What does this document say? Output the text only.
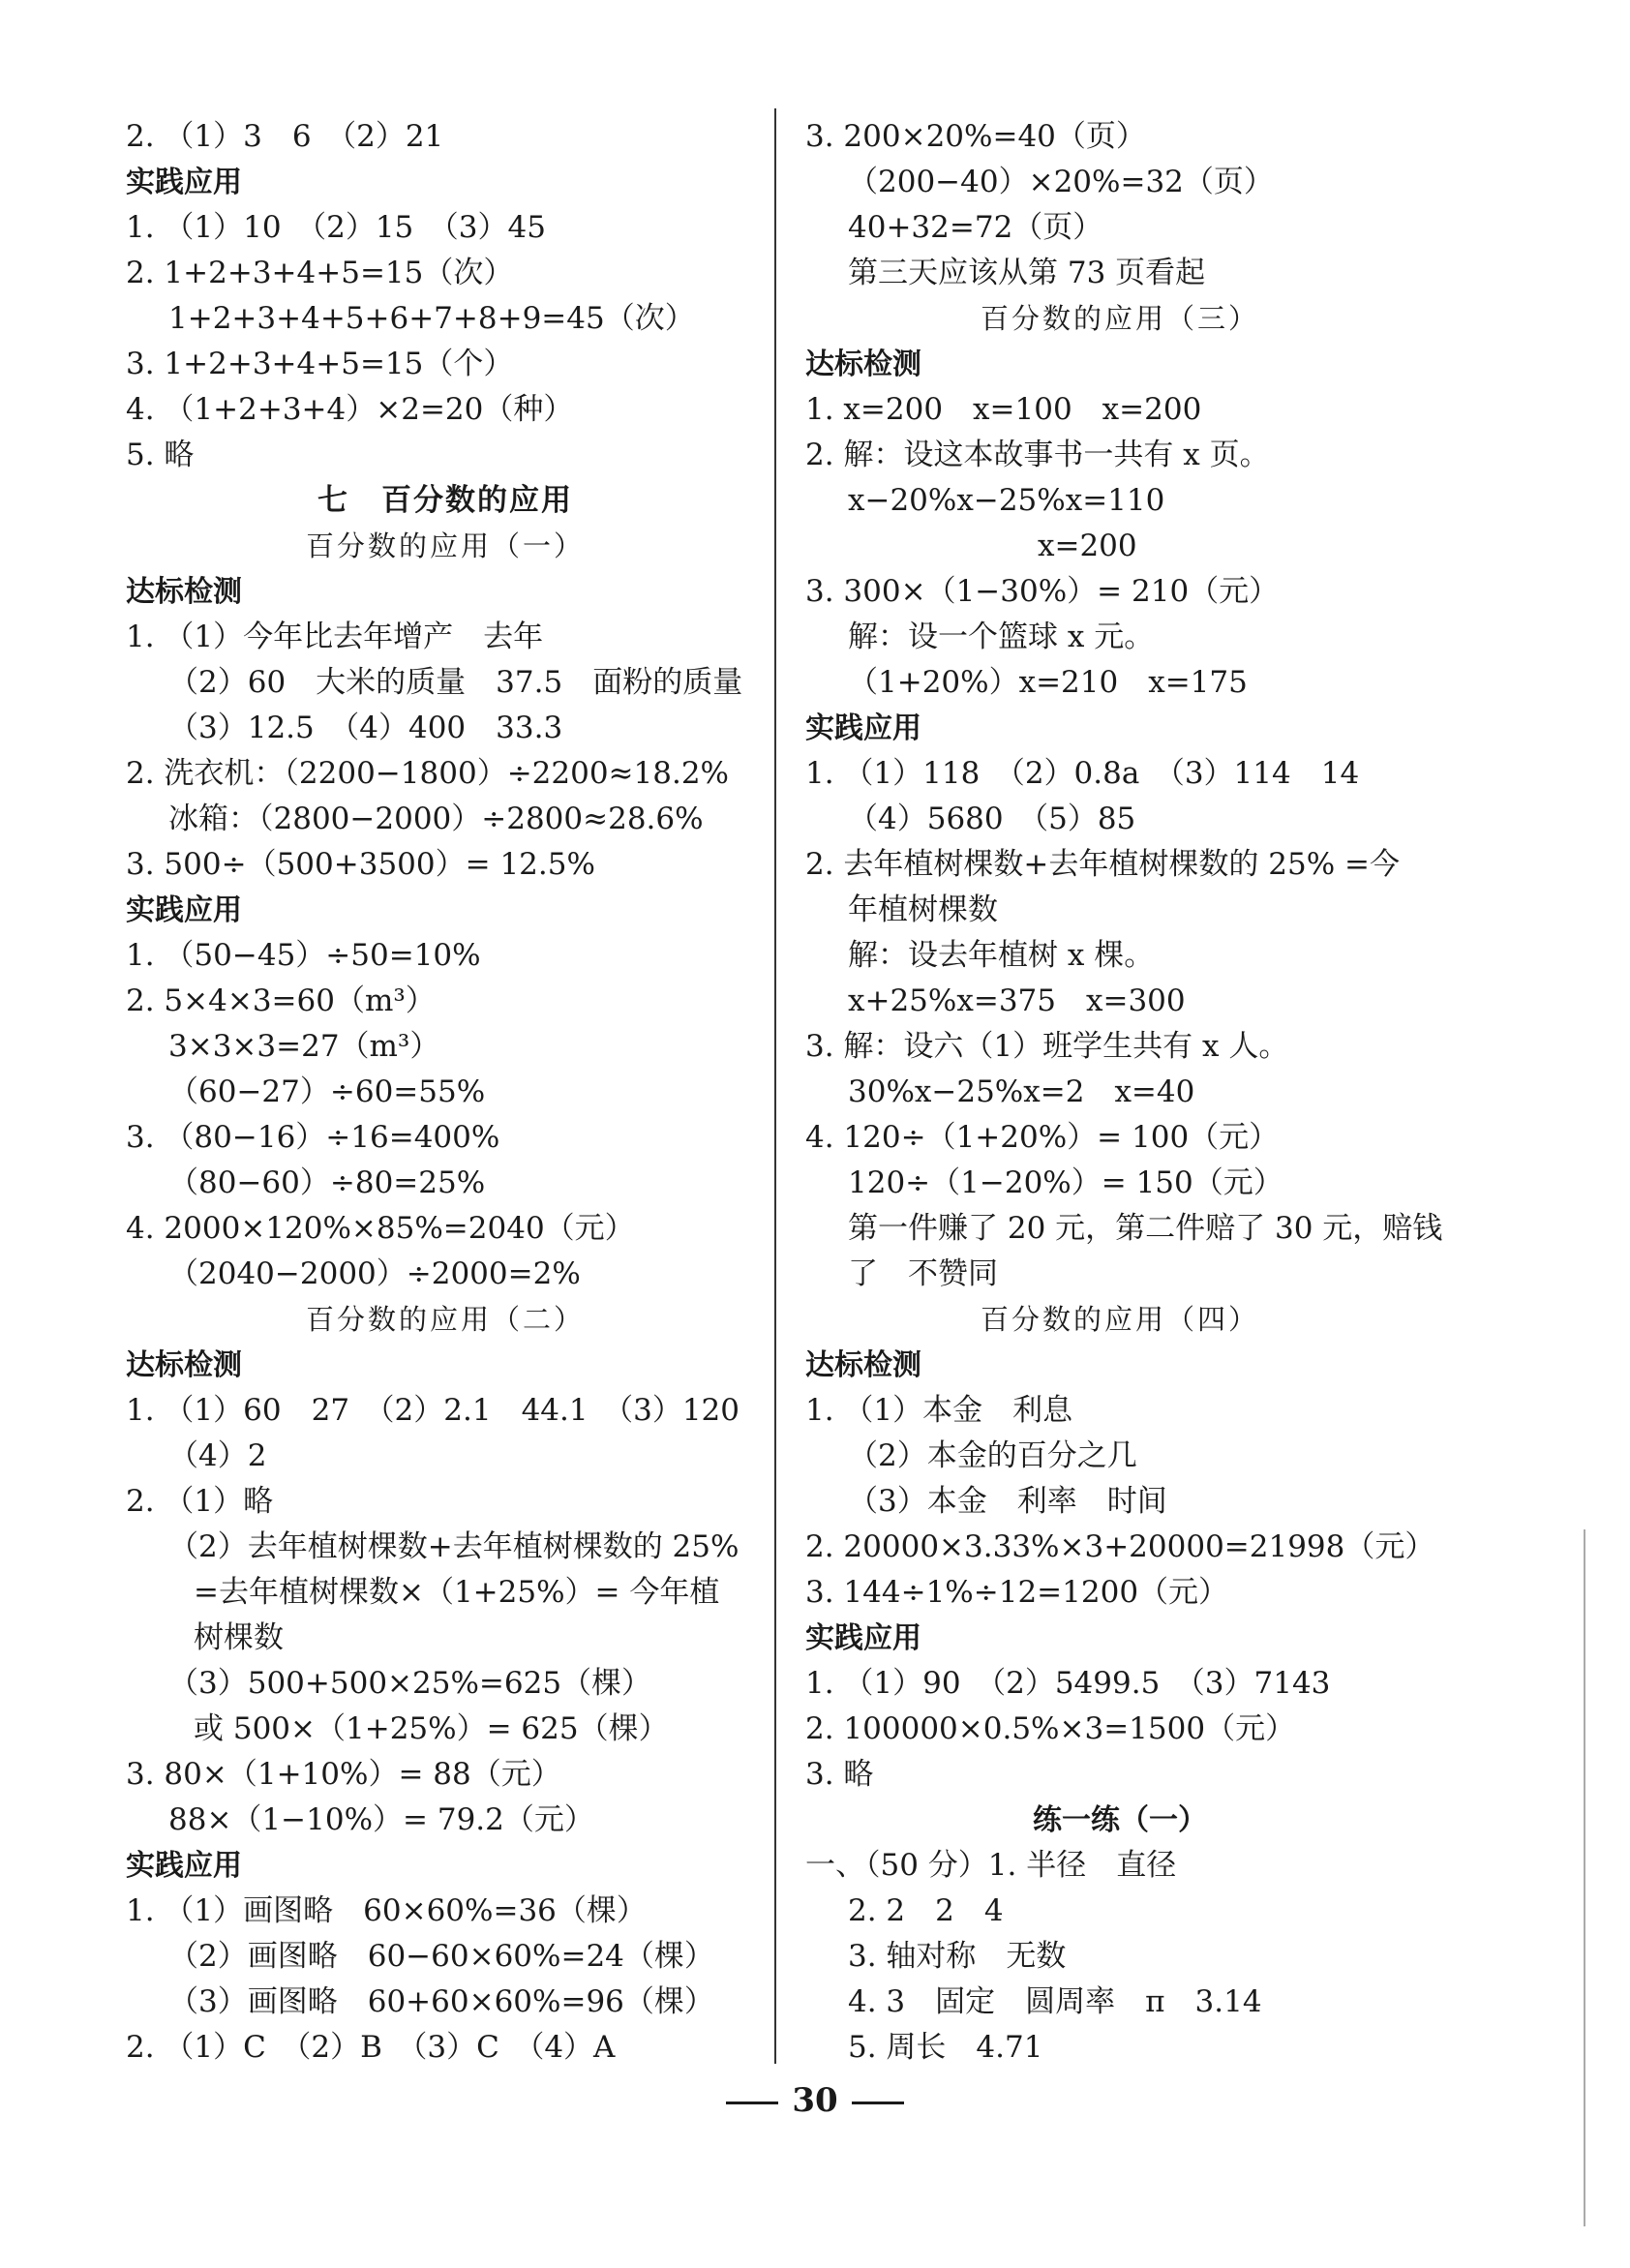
2. （1）3　6　（2）21
实践应用
1. （1）10　（2）15　（3）45
2. 1+2+3+4+5=15（次）
1+2+3+4+5+6+7+8+9=45（次）
3. 1+2+3+4+5=15（个）
4. （1+2+3+4）×2=20（种）
5. 略
七　百分数的应用
百分数的应用（一）
达标检测
1. （1）今年比去年增产　去年
（2）60　大米的质量　37.5　面粉的质量
（3）12.5　（4）400　33.3
2. 洗衣机：（2200−1800）÷2200≈18.2%
冰箱：（2800−2000）÷2800≈28.6%
3. 500÷（500+3500）= 12.5%
实践应用
1. （50−45）÷50=10%
2. 5×4×3=60（m³）
3×3×3=27（m³）
（60−27）÷60=55%
3. （80−16）÷16=400%
（80−60）÷80=25%
4. 2000×120%×85%=2040（元）
（2040−2000）÷2000=2%
百分数的应用（二）
达标检测
1. （1）60　27　（2）2.1　44.1　（3）120
（4）2
2. （1）略
（2）去年植树棵数+去年植树棵数的 25%
=去年植树棵数×（1+25%）= 今年植
树棵数
（3）500+500×25%=625（棵）
或 500×（1+25%）= 625（棵）
3. 80×（1+10%）= 88（元）
88×（1−10%）= 79.2（元）
实践应用
1. （1）画图略　60×60%=36（棵）
（2）画图略　60−60×60%=24（棵）
（3）画图略　60+60×60%=96（棵）
2. （1）C　（2）B　（3）C　（4）A
3. 200×20%=40（页）
（200−40）×20%=32（页）
40+32=72（页）
第三天应该从第 73 页看起
百分数的应用（三）
达标检测
1. x=200　x=100　x=200
2. 解：设这本故事书一共有 x 页。
x−20%x−25%x=110
x=200
3. 300×（1−30%）= 210（元）
解：设一个篮球 x 元。
（1+20%）x=210　x=175
实践应用
1. （1）118　（2）0.8a　（3）114　14
（4）5680　（5）85
2. 去年植树棵数+去年植树棵数的 25% =今
年植树棵数
解：设去年植树 x 棵。
x+25%x=375　x=300
3. 解：设六（1）班学生共有 x 人。
30%x−25%x=2　x=40
4. 120÷（1+20%）= 100（元）
120÷（1−20%）= 150（元）
第一件赚了 20 元，第二件赔了 30 元，赔钱
了　不赞同
百分数的应用（四）
达标检测
1. （1）本金　利息
（2）本金的百分之几
（3）本金　利率　时间
2. 20000×3.33%×3+20000=21998（元）
3. 144÷1%÷12=1200（元）
实践应用
1. （1）90　（2）5499.5　（3）7143
2. 100000×0.5%×3=1500（元）
3. 略
练一练（一）
一、（50 分）1. 半径　直径
2. 2　2　4
3. 轴对称　无数
4. 3　固定　圆周率　π　3.14
5. 周长　4.71
30
